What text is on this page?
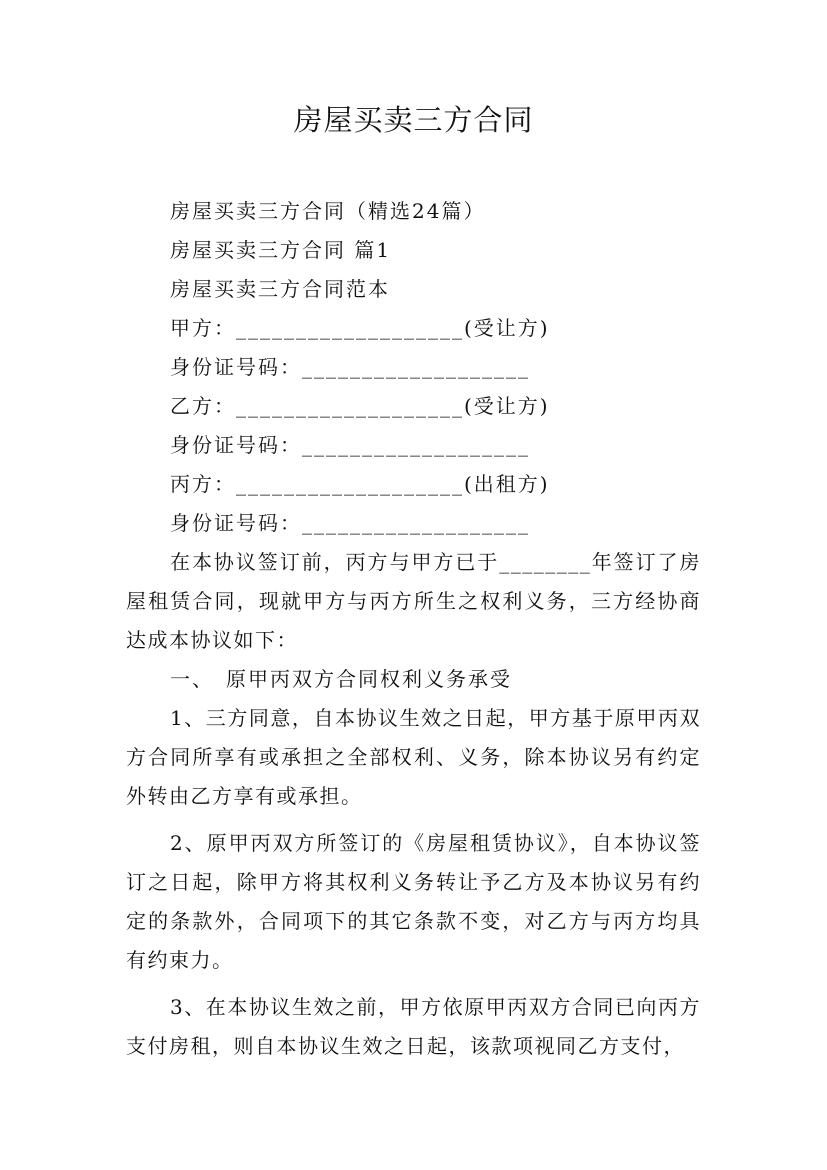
房屋买卖三方合同
房屋买卖三方合同（精选24篇）
房屋买卖三方合同 篇1
房屋买卖三方合同范本
甲方：___________________(受让方)
身份证号码：___________________
乙方：___________________(受让方)
身份证号码：___________________
丙方：___________________(出租方)
身份证号码：___________________
在本协议签订前，丙方与甲方已于________年签订了房屋租赁合同，现就甲方与丙方所生之权利义务，三方经协商达成本协议如下：
一、　原甲丙双方合同权利义务承受
1、三方同意，自本协议生效之日起，甲方基于原甲丙双方合同所享有或承担之全部权利、义务，除本协议另有约定外转由乙方享有或承担。
2、原甲丙双方所签订的《房屋租赁协议》，自本协议签订之日起，除甲方将其权利义务转让予乙方及本协议另有约定的条款外，合同项下的其它条款不变，对乙方与丙方均具有约束力。
3、在本协议生效之前，甲方依原甲丙双方合同已向丙方支付房租，则自本协议生效之日起，该款项视同乙方支付，
